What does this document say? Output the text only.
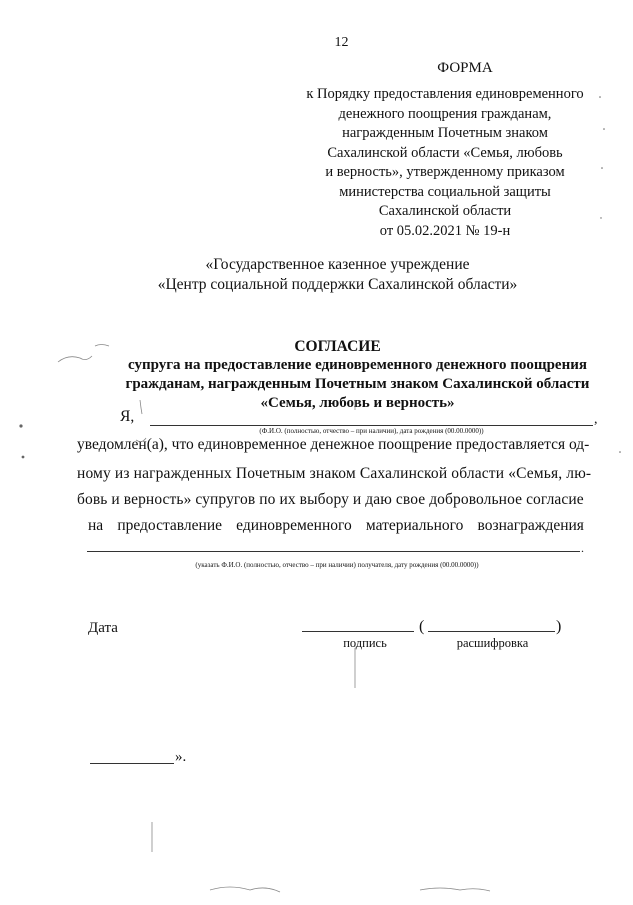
12
ФОРМА
к Порядку предоставления единовременного
денежного поощрения гражданам,
награжденным Почетным знаком
Сахалинской области «Семья, любовь
и верность», утвержденному приказом
министерства социальной защиты
Сахалинской области
от 05.02.2021 № 19-н
«Государственное казенное учреждение
«Центр социальной поддержки Сахалинской области»
СОГЛАСИЕ
супруга на предоставление единовременного денежного поощрения
гражданам, награжденным Почетным знаком Сахалинской области
«Семья, любовь и верность»
Я,	,
(Ф.И.О. (полностью, отчество – при наличии), дата рождения (00.00.0000))
уведомлен(а), что единовременное денежное поощрение предоставляется од-
ному из награжденных Почетным знаком Сахалинской области «Семья, лю-
бовь и верность» супругов по их выбору и даю свое добровольное согласие
на предоставление единовременного материального вознаграждения
.
(указать Ф.И.О. (полностью, отчество – при наличии) получателя, дату рождения (00.00.0000))
Дата	(	)
подпись	расшифровка
».
